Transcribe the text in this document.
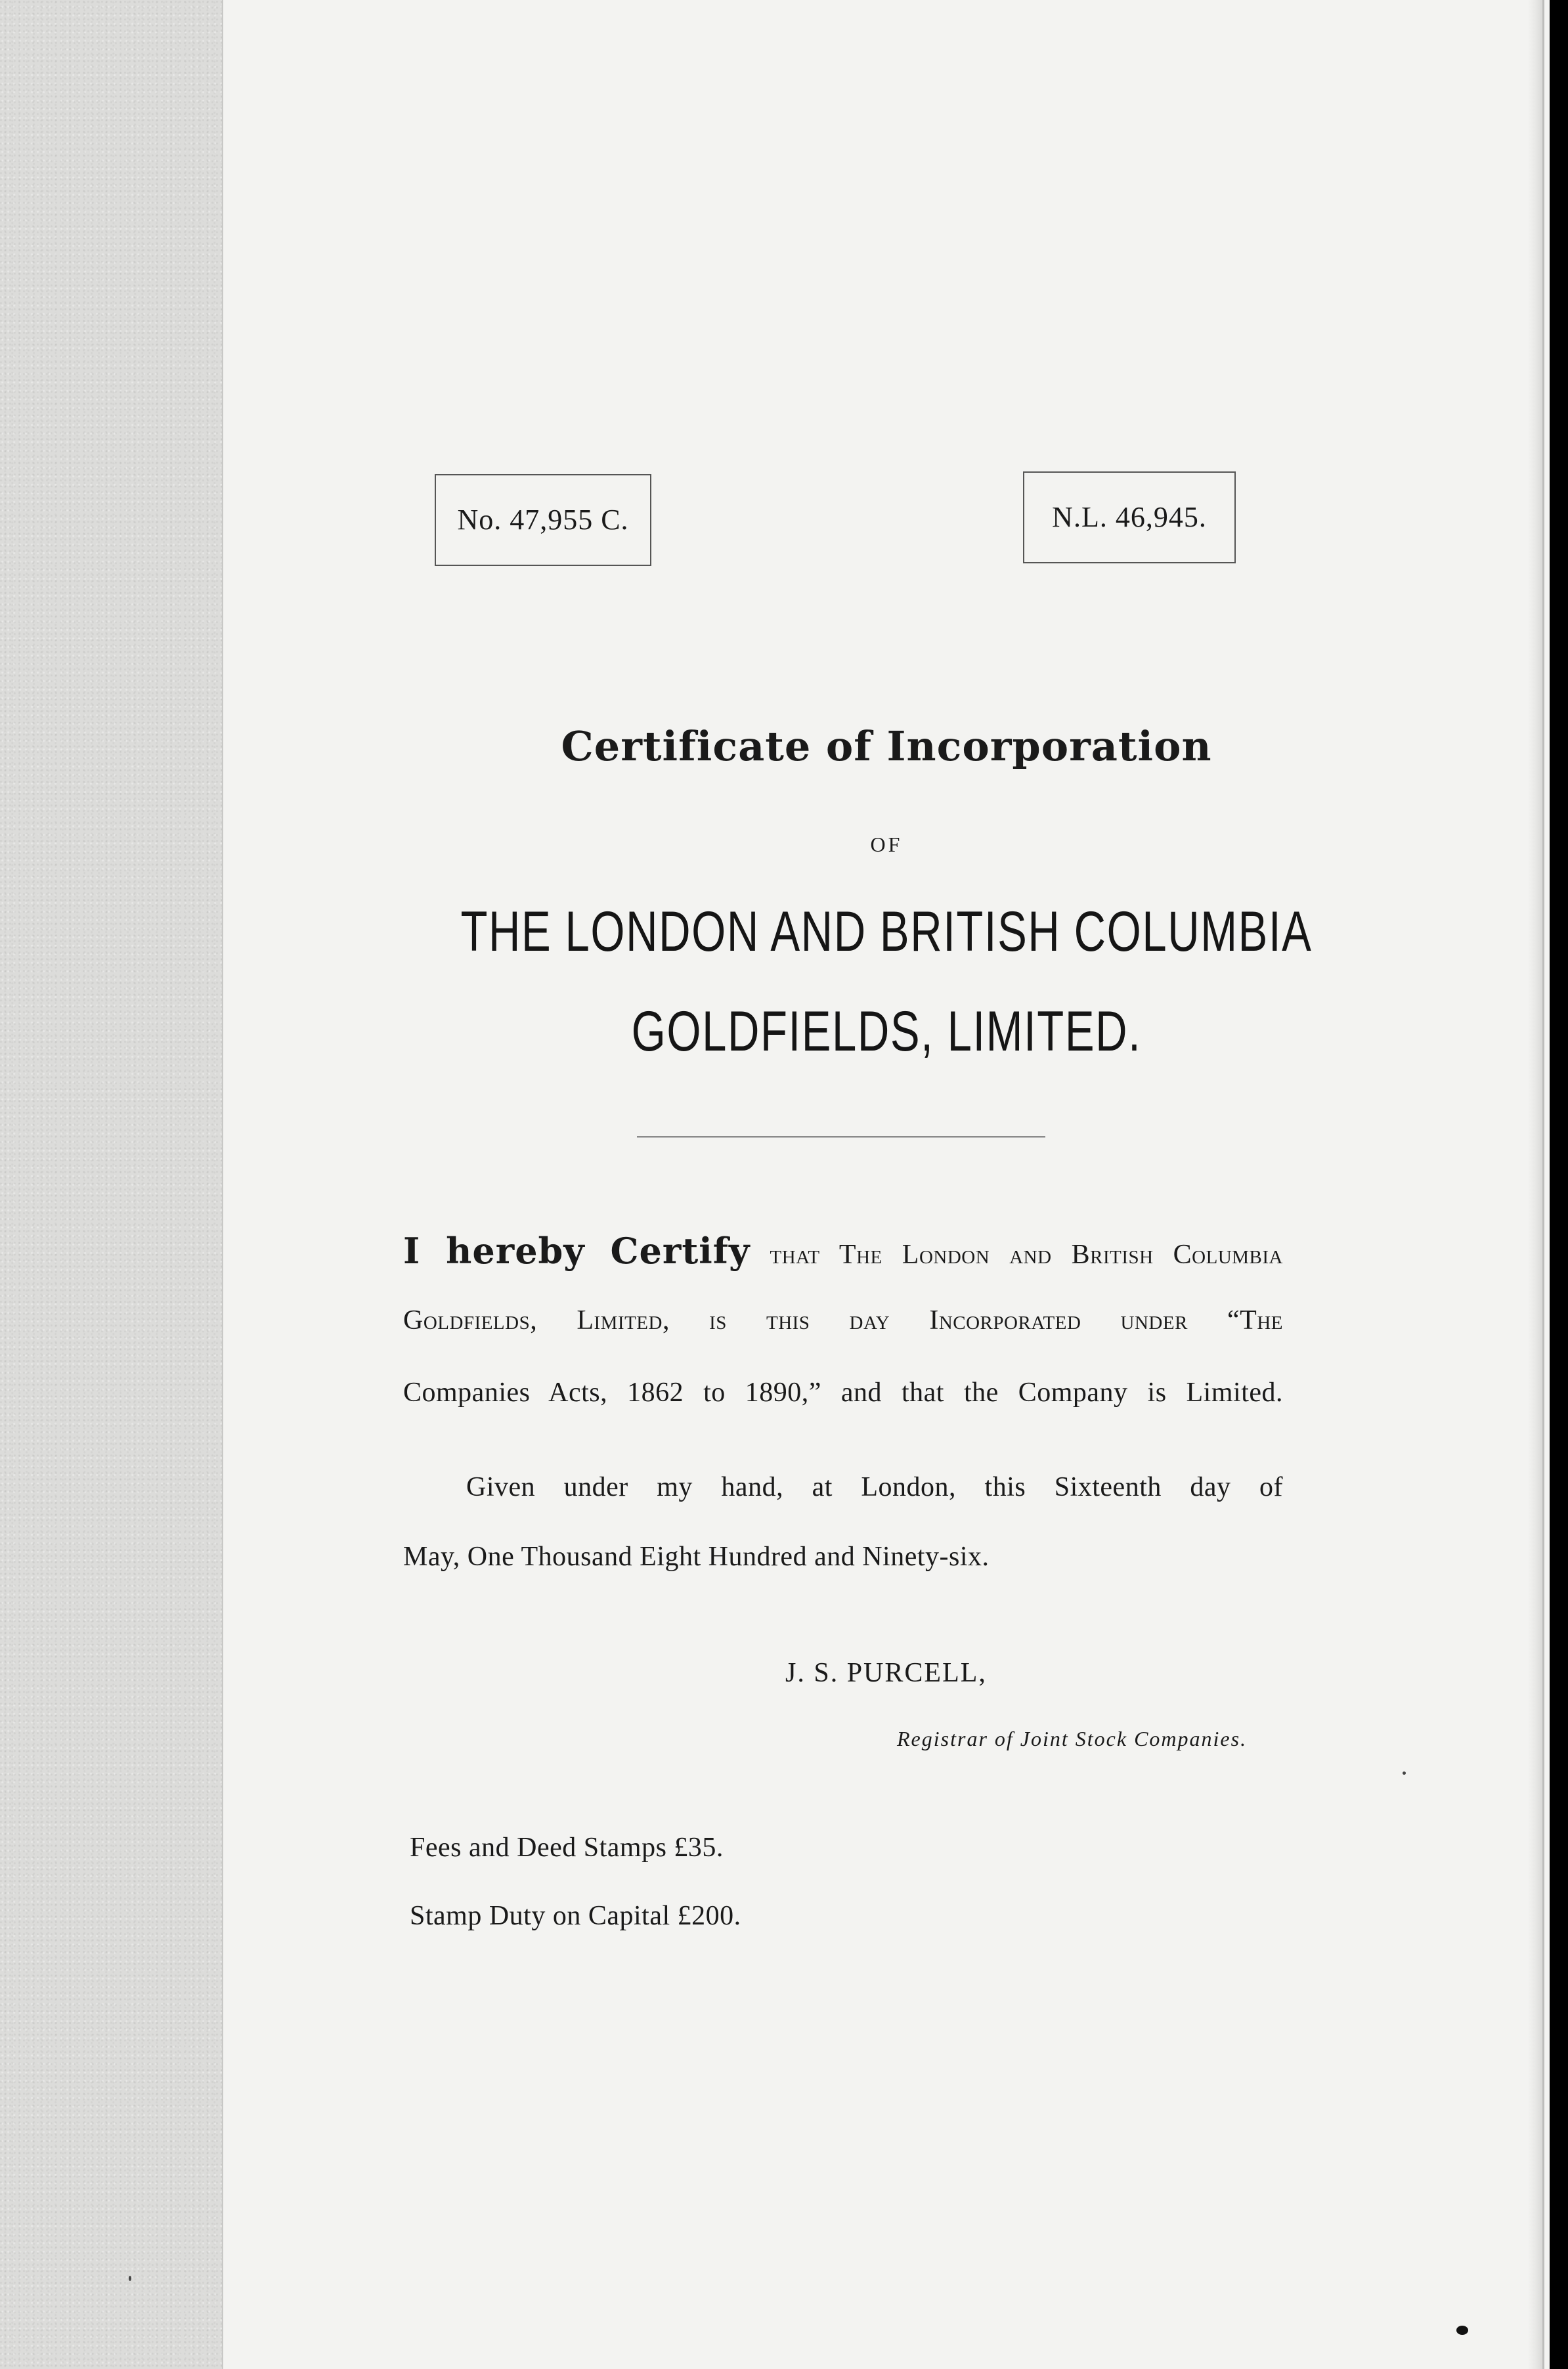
No. 47,955 C.	N.L. 46,945.
Certificate of Incorporation
OF
THE LONDON AND BRITISH COLUMBIA
GOLDFIELDS, LIMITED.
I hereby Certify that The London and British Columbia
Goldfields, Limited, is this day Incorporated under “The
Companies Acts, 1862 to 1890,” and that the Company is Limited.
Given under my hand, at London, this Sixteenth day of
May, One Thousand Eight Hundred and Ninety-six.
J. S. PURCELL,
Registrar of Joint Stock Companies.
Fees and Deed Stamps £35.
Stamp Duty on Capital £200.
